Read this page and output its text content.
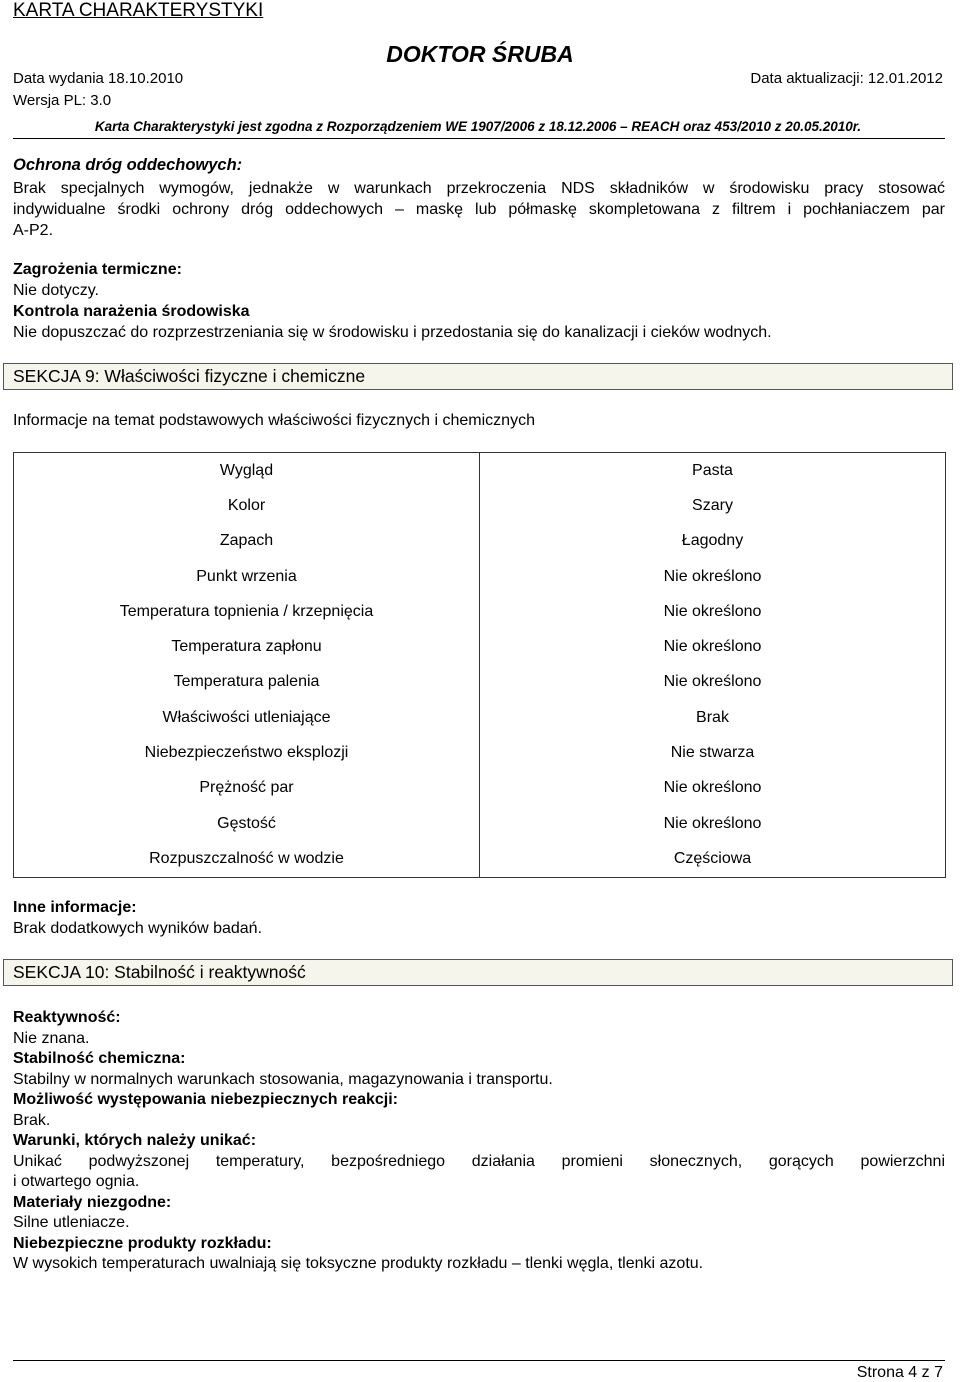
KARTA CHARAKTERYSTYKI
DOKTOR ŚRUBA
Data wydania 18.10.2010	Data aktualizacji: 12.01.2012
Wersja PL: 3.0
Karta Charakterystyki jest zgodna z Rozporządzeniem WE 1907/2006 z 18.12.2006 – REACH oraz 453/2010 z 20.05.2010r.
Ochrona dróg oddechowych:
Brak specjalnych wymogów, jednakże w warunkach przekroczenia NDS składników w środowisku pracy stosować
indywidualne środki ochrony dróg oddechowych – maskę lub półmaskę skompletowana z filtrem i pochłaniaczem par
A-P2.
Zagrożenia termiczne:
Nie dotyczy.
Kontrola narażenia środowiska
Nie dopuszczać do rozprzestrzeniania się w środowisku i przedostania się do kanalizacji i cieków wodnych.
SEKCJA 9: Właściwości fizyczne i chemiczne
Informacje na temat podstawowych właściwości fizycznych i chemicznych
Wygląd	Pasta
Kolor	Szary
Zapach	Łagodny
Punkt wrzenia	Nie określono
Temperatura topnienia / krzepnięcia	Nie określono
Temperatura zapłonu	Nie określono
Temperatura palenia	Nie określono
Właściwości utleniające	Brak
Niebezpieczeństwo eksplozji	Nie stwarza
Prężność par	Nie określono
Gęstość	Nie określono
Rozpuszczalność w wodzie	Częściowa
Inne informacje:
Brak dodatkowych wyników badań.
SEKCJA 10: Stabilność i reaktywność
Reaktywność:
Nie znana.
Stabilność chemiczna:
Stabilny w normalnych warunkach stosowania, magazynowania i transportu.
Możliwość występowania niebezpiecznych reakcji:
Brak.
Warunki, których należy unikać:
Unikać podwyższonej temperatury, bezpośredniego działania promieni słonecznych, gorących powierzchni
i otwartego ognia.
Materiały niezgodne:
Silne utleniacze.
Niebezpieczne produkty rozkładu:
W wysokich temperaturach uwalniają się toksyczne produkty rozkładu – tlenki węgla, tlenki azotu.
Strona 4 z 7
